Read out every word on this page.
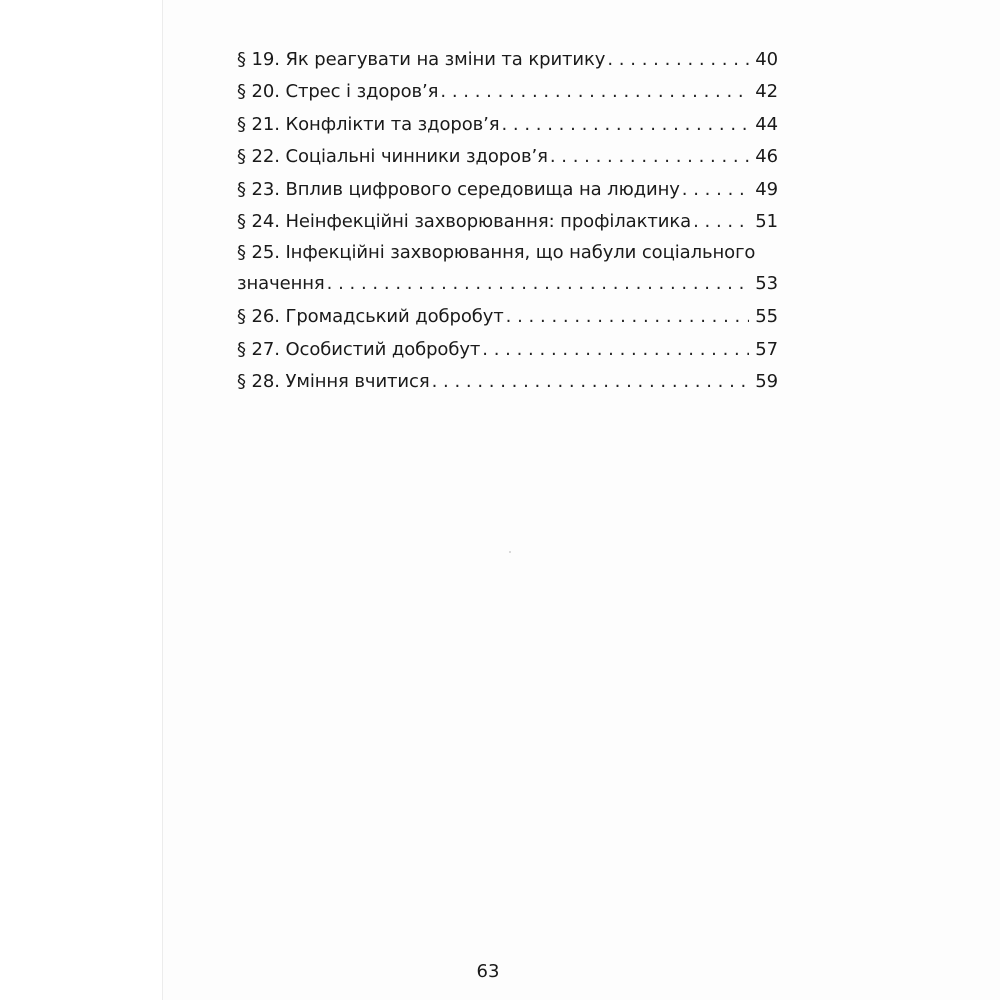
§ 19. Як реагувати на зміни та критику . . .	40
§ 20. Стрес і здоров’я . . .	42
§ 21. Конфлікти та здоров’я . . .	44
§ 22. Соціальні чинники здоров’я . . .	46
§ 23. Вплив цифрового середовища на людину . . .	49
§ 24. Неінфекційні захворювання: профілактика . . .	51
§ 25. Інфекційні захворювання, що набули соціального
значення . . .	53
§ 26. Громадський добробут . . .	55
§ 27. Особистий добробут . . .	57
§ 28. Уміння вчитися . . .	59
63
